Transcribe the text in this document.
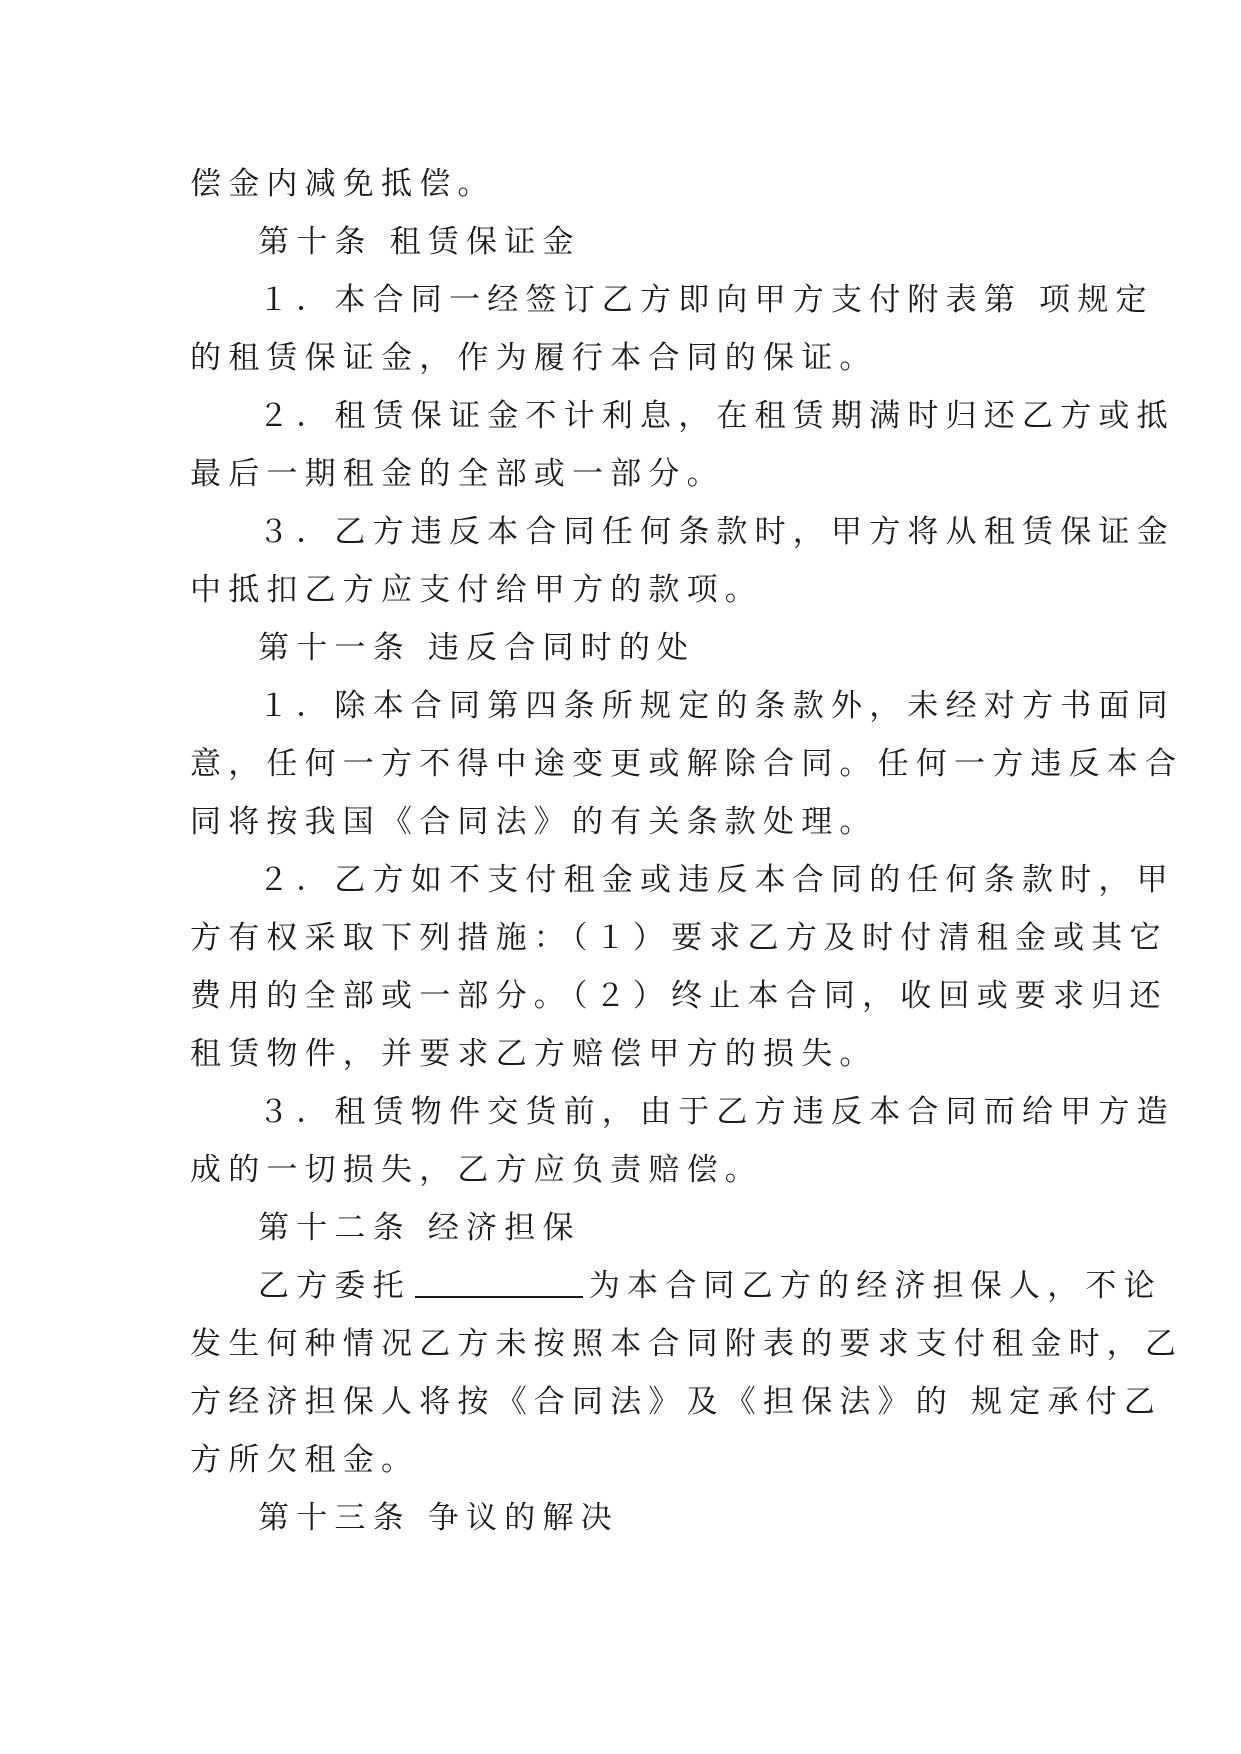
偿金内减免抵偿。
第十条 租赁保证金
１．本合同一经签订乙方即向甲方支付附表第 项规定
的租赁保证金，作为履行本合同的保证。
２．租赁保证金不计利息，在租赁期满时归还乙方或抵
最后一期租金的全部或一部分。
３．乙方违反本合同任何条款时，甲方将从租赁保证金
中抵扣乙方应支付给甲方的款项。
第十一条 违反合同时的处
１．除本合同第四条所规定的条款外，未经对方书面同
意，任何一方不得中途变更或解除合同。任何一方违反本合
同将按我国《合同法》的有关条款处理。
２．乙方如不支付租金或违反本合同的任何条款时，甲
方有权采取下列措施：（１）要求乙方及时付清租金或其它
费用的全部或一部分。（２）终止本合同，收回或要求归还
租赁物件，并要求乙方赔偿甲方的损失。
３．租赁物件交货前，由于乙方违反本合同而给甲方造
成的一切损失，乙方应负责赔偿。
第十二条 经济担保
乙方委托	为本合同乙方的经济担保人，不论
发生何种情况乙方未按照本合同附表的要求支付租金时，乙
方经济担保人将按《合同法》及《担保法》的 规定承付乙
方所欠租金。
第十三条 争议的解决
